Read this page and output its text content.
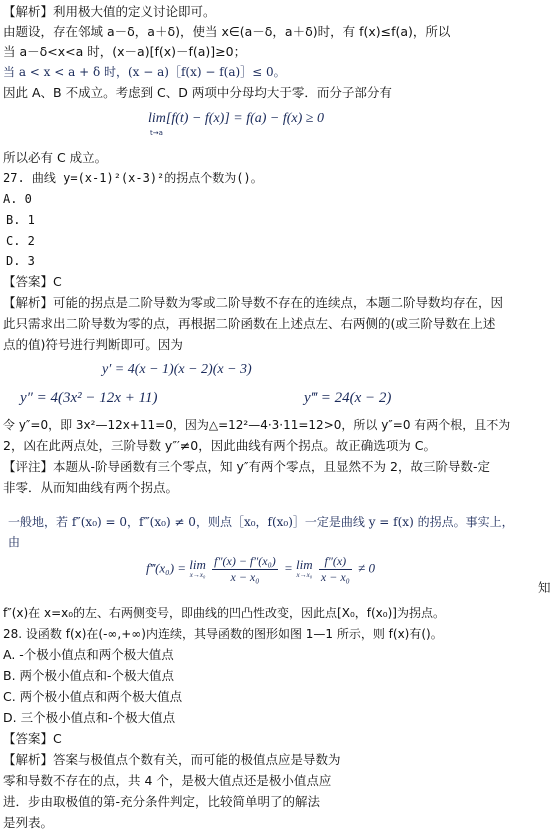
【解析】利用极大值的定义讨论即可。
由题设，存在邻域 a－δ，a＋δ)，使当 x∈(a－δ，a＋δ)时，有 f(x)≤f(a)，所以
当 a－δ<x<a 时，(x－a)[f(x)－f(a)]≥0；
当 a < x < a + δ 时，(x − a)［f(x) − f(a)］≤ 0。
因此 A、B 不成立。考虑到 C、D 两项中分母均大于零．而分子部分有
lim[f(t) − f(x)] = f(a) − f(x) ≥ 0
t→a
所以必有 C 成立。
27. 曲线 y=(x-1)²(x-3)²的拐点个数为()。
A. 0
B. 1
C. 2
D. 3
【答案】C
【解析】可能的拐点是二阶导数为零或二阶导数不存在的连续点，本题二阶导数均存在，因
此只需求出二阶导数为零的点，再根据二阶函数在上述点左、右两侧的(或三阶导数在上述
点的值)符号进行判断即可。因为
y′ = 4(x − 1)(x − 2)(x − 3)
y″ = 4(3x² − 12x + 11)	y‴ = 24(x − 2)
令 y″=0，即 3x²—12x+11=0，因为△=12²—4·3·11=12>0，所以 y″=0 有两个根，且不为
2，凶在此两点处，三阶导数 y″′≠0，因此曲线有两个拐点。故正确选项为 C。
【评注】本题从-阶导函数有三个零点，知 y″有两个零点，且显然不为 2，故三阶导数-定
非零．从而知曲线有两个拐点。
一般地，若 f″(x₀) = 0，f‴(x₀) ≠ 0，则点［x₀，f(x₀)］一定是曲线 y = f(x) 的拐点。事实上，
由
f‴(x₀) = lim
x→x₀
$\frac{\text{f″(x) − f″(x₀)}}{\text{x − x₀}} = \lim$
x→x₀
$\frac{f''(x)}{\text{x − x₀}} \ne 0$
知
f″(x)在 x=x₀的左、右两侧变号，即曲线的凹凸性改变，因此点[X₀，f(x₀)]为拐点。
28. 设函数 f(x)在(-∞,+∞)内连续，其导函数的图形如图 1—1 所示，则 f(x)有()。
A. -个极小值点和两个极大值点
B. 两个极小值点和-个极大值点
C. 两个极小值点和两个极大值点
D. 三个极小值点和-个极大值点
【答案】C
【解析】答案与极值点个数有关，而可能的极值点应是导数为
零和导数不存在的点，共 4 个，是极大值点还是极小值点应
进．步由取极值的第-充分条件判定，比较简单明了的解法
是列表。
